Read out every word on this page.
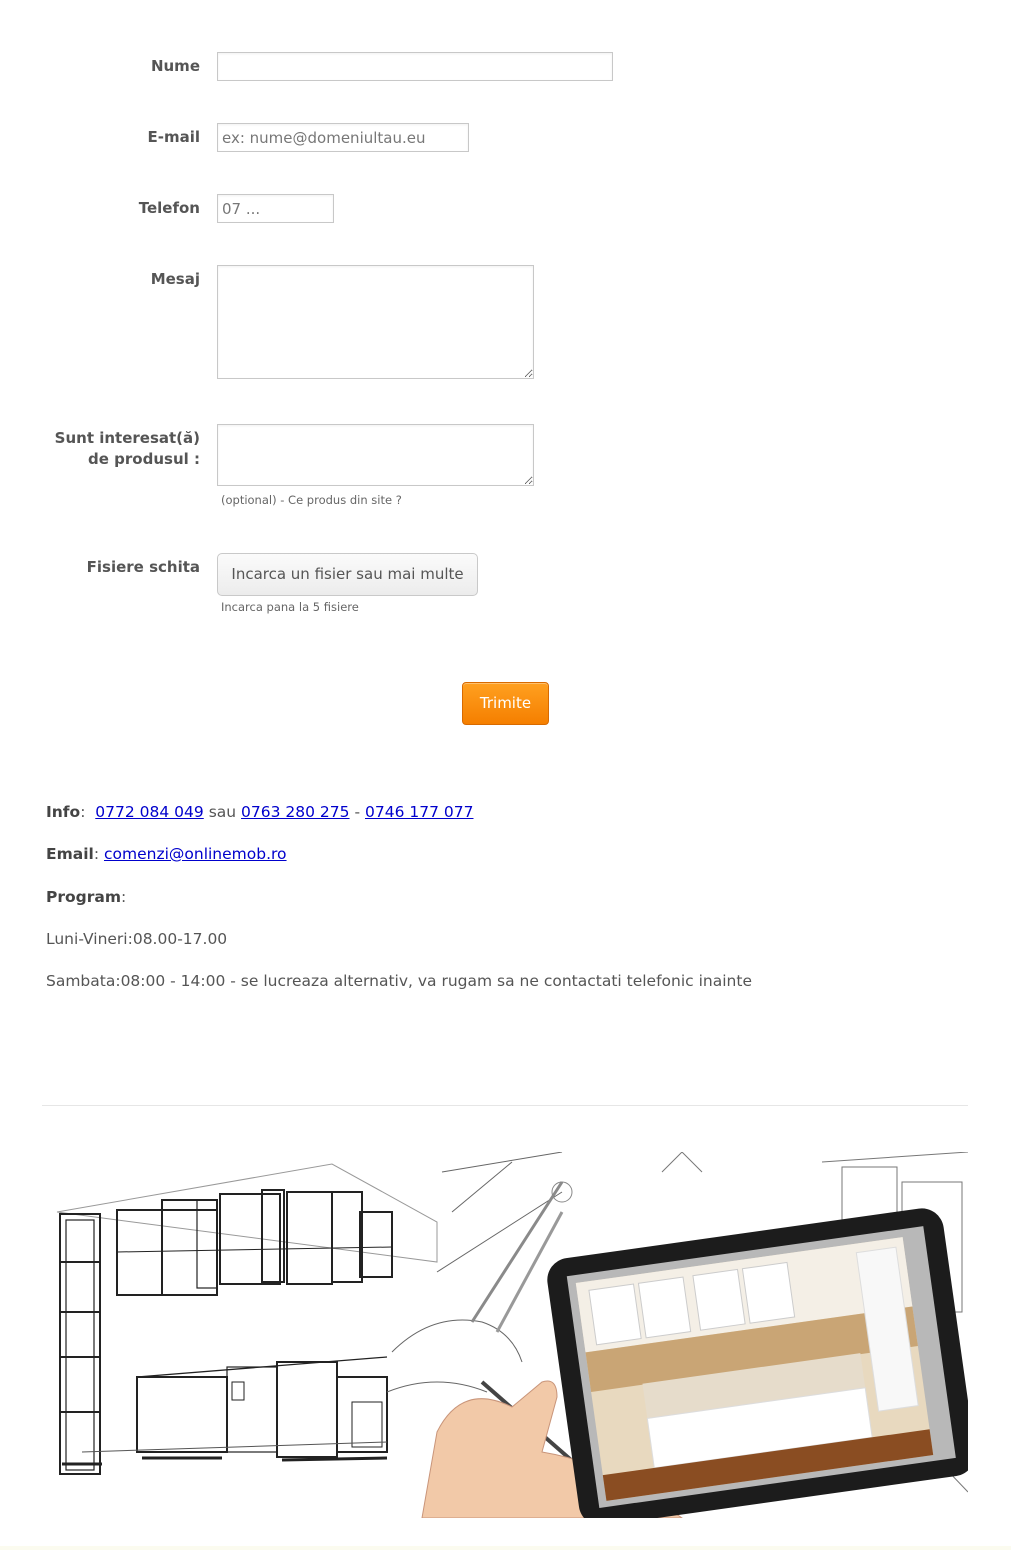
Nume
E-mail
ex: nume@domeniultau.eu
Telefon
07 ...
Mesaj
Sunt interesat(ă)
de produsul :
(optional) - Ce produs din site ?
Fisiere schita	Incarca un fisier sau mai multe
Incarca pana la 5 fisiere
Trimite
Info:  0772 084 049 sau 0763 280 275 - 0746 177 077
Email: comenzi@onlinemob.ro
Program:
Luni-Vineri:08.00-17.00
Sambata:08:00 - 14:00 - se lucreaza alternativ, va rugam sa ne contactati telefonic inainte
